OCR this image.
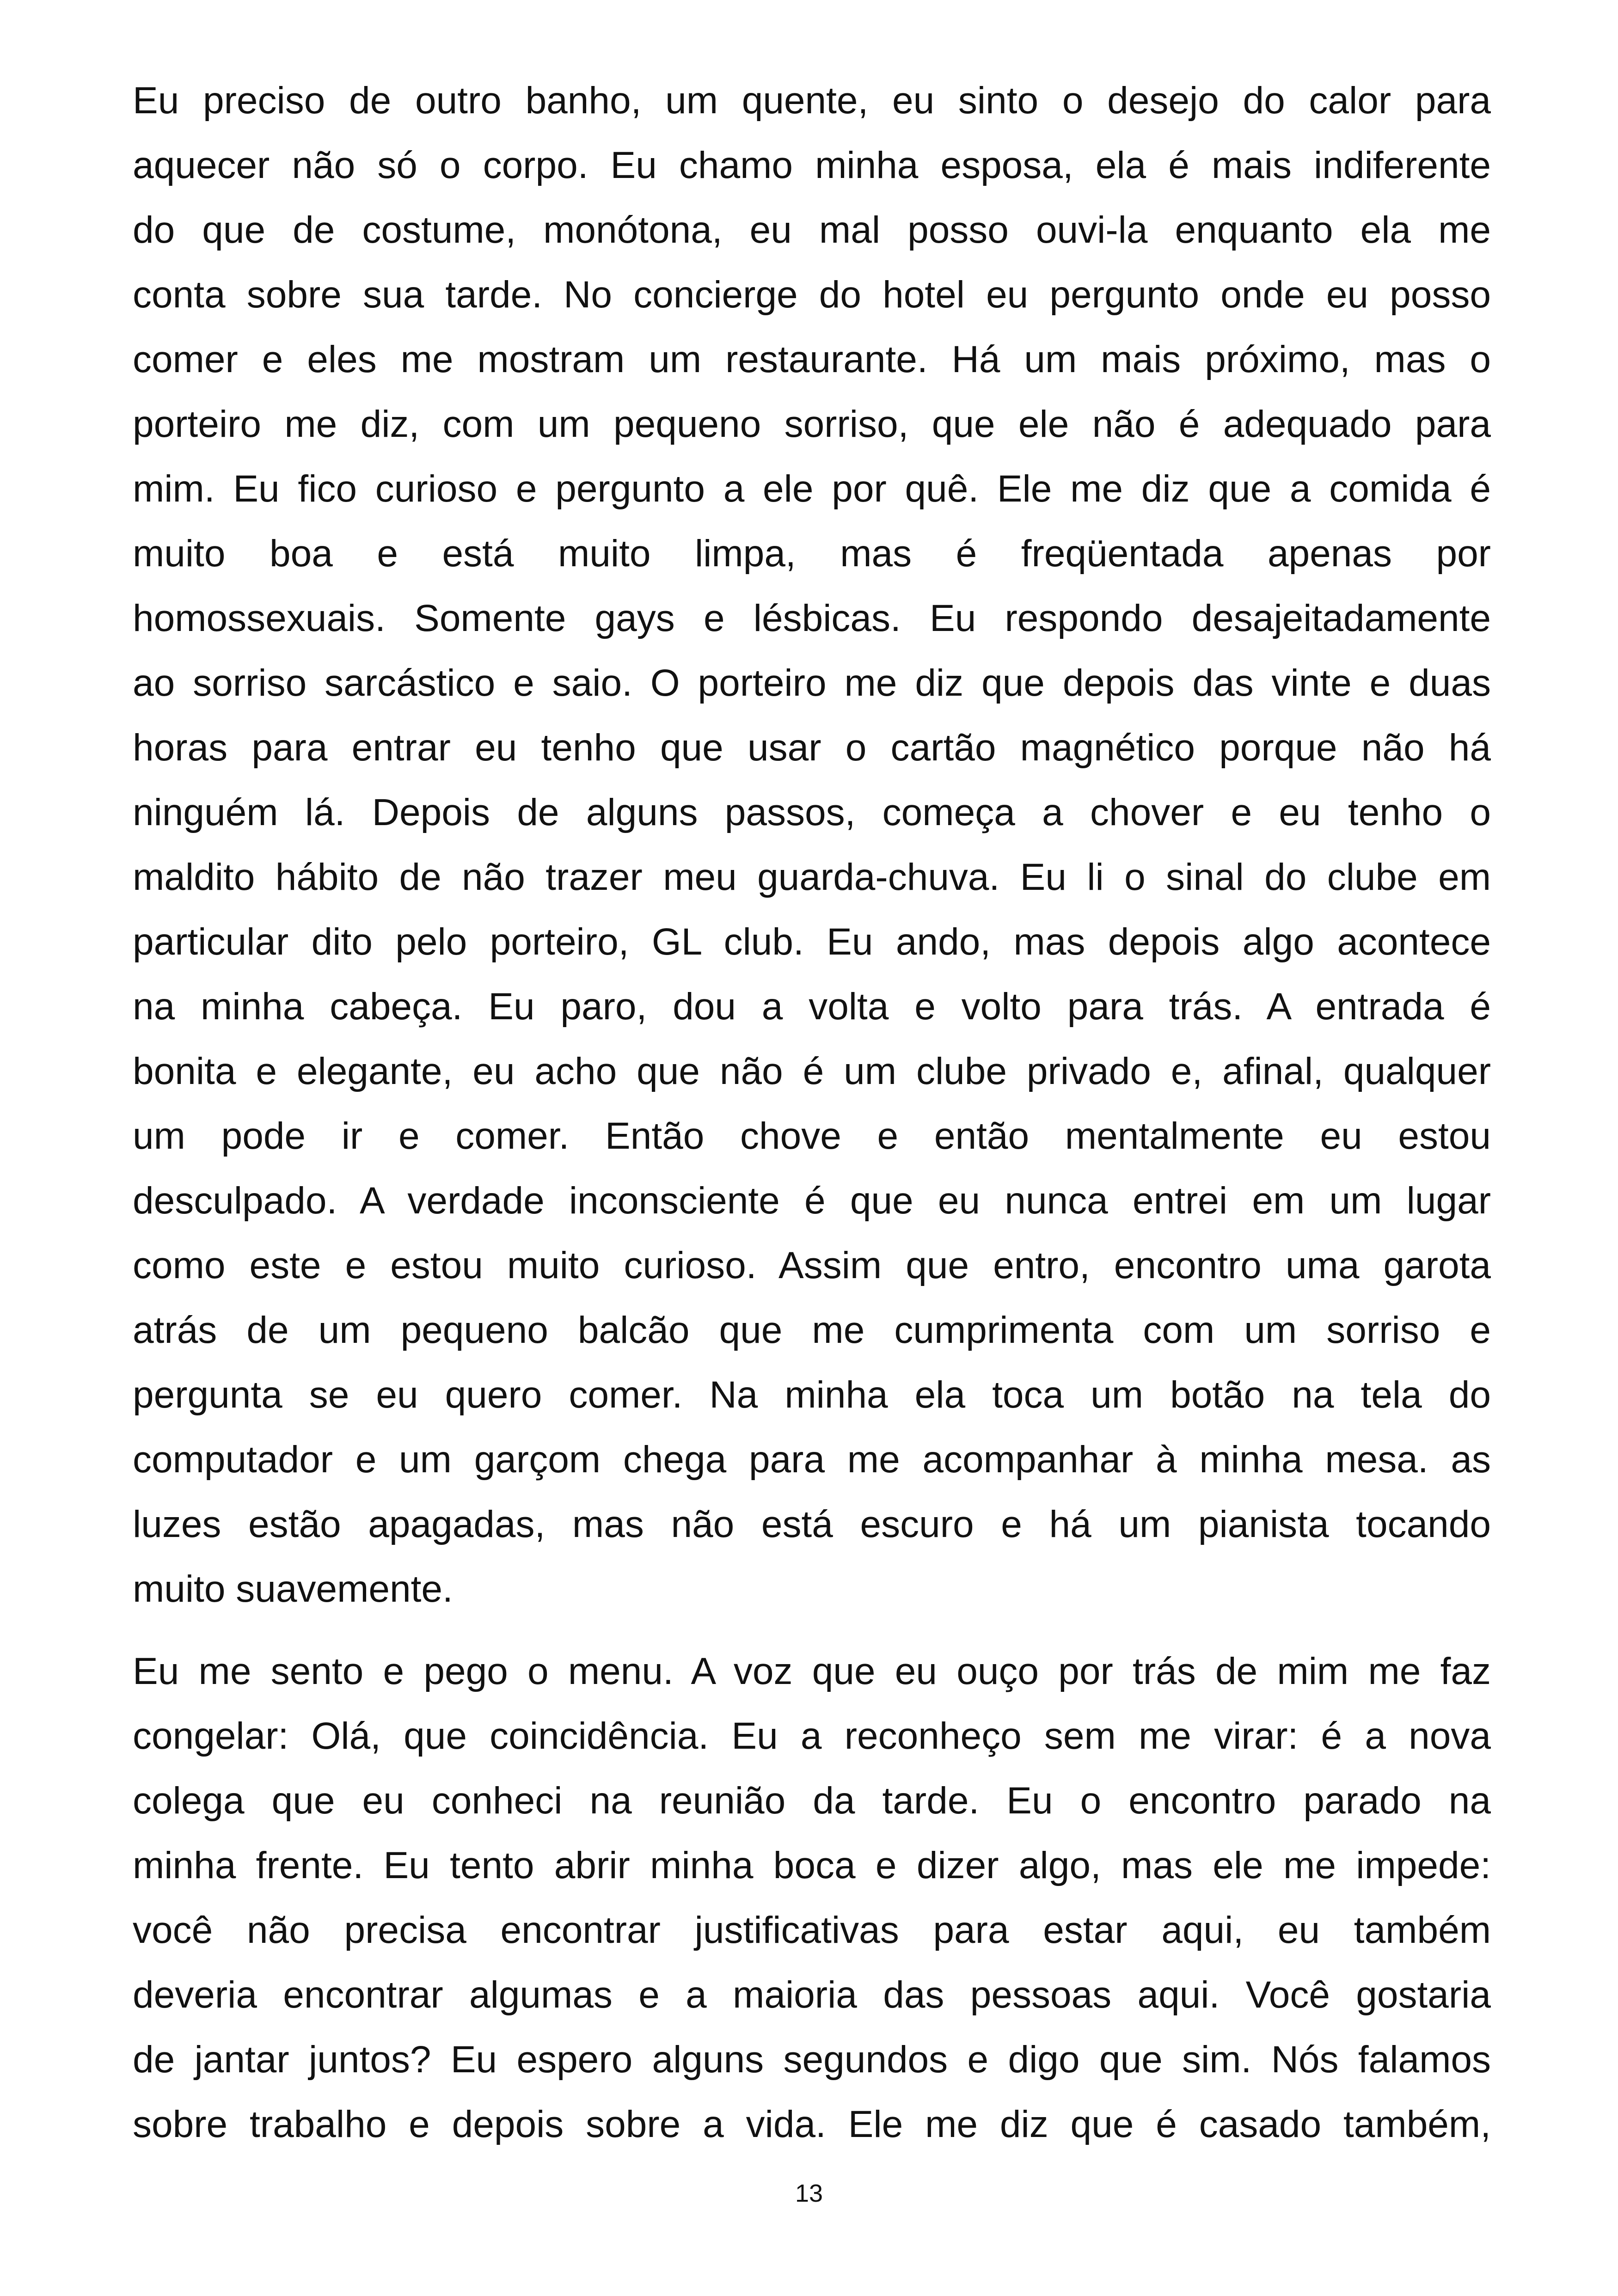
Eu preciso de outro banho, um quente, eu sinto o desejo do calor para
aquecer não só o corpo. Eu chamo minha esposa, ela é mais indiferente
do que de costume, monótona, eu mal posso ouvi-la enquanto ela me
conta sobre sua tarde. No concierge do hotel eu pergunto onde eu posso
comer e eles me mostram um restaurante. Há um mais próximo, mas o
porteiro me diz, com um pequeno sorriso, que ele não é adequado para
mim. Eu fico curioso e pergunto a ele por quê. Ele me diz que a comida é
muito boa e está muito limpa, mas é freqüentada apenas por
homossexuais. Somente gays e lésbicas. Eu respondo desajeitadamente
ao sorriso sarcástico e saio. O porteiro me diz que depois das vinte e duas
horas para entrar eu tenho que usar o cartão magnético porque não há
ninguém lá. Depois de alguns passos, começa a chover e eu tenho o
maldito hábito de não trazer meu guarda-chuva. Eu li o sinal do clube em
particular dito pelo porteiro, GL club. Eu ando, mas depois algo acontece
na minha cabeça. Eu paro, dou a volta e volto para trás. A entrada é
bonita e elegante, eu acho que não é um clube privado e, afinal, qualquer
um pode ir e comer. Então chove e então mentalmente eu estou
desculpado. A verdade inconsciente é que eu nunca entrei em um lugar
como este e estou muito curioso. Assim que entro, encontro uma garota
atrás de um pequeno balcão que me cumprimenta com um sorriso e
pergunta se eu quero comer. Na minha ela toca um botão na tela do
computador e um garçom chega para me acompanhar à minha mesa. as
luzes estão apagadas, mas não está escuro e há um pianista tocando
muito suavemente.
Eu me sento e pego o menu. A voz que eu ouço por trás de mim me faz
congelar: Olá, que coincidência. Eu a reconheço sem me virar: é a nova
colega que eu conheci na reunião da tarde. Eu o encontro parado na
minha frente. Eu tento abrir minha boca e dizer algo, mas ele me impede:
você não precisa encontrar justificativas para estar aqui, eu também
deveria encontrar algumas e a maioria das pessoas aqui. Você gostaria
de jantar juntos? Eu espero alguns segundos e digo que sim. Nós falamos
sobre trabalho e depois sobre a vida. Ele me diz que é casado também,
13
